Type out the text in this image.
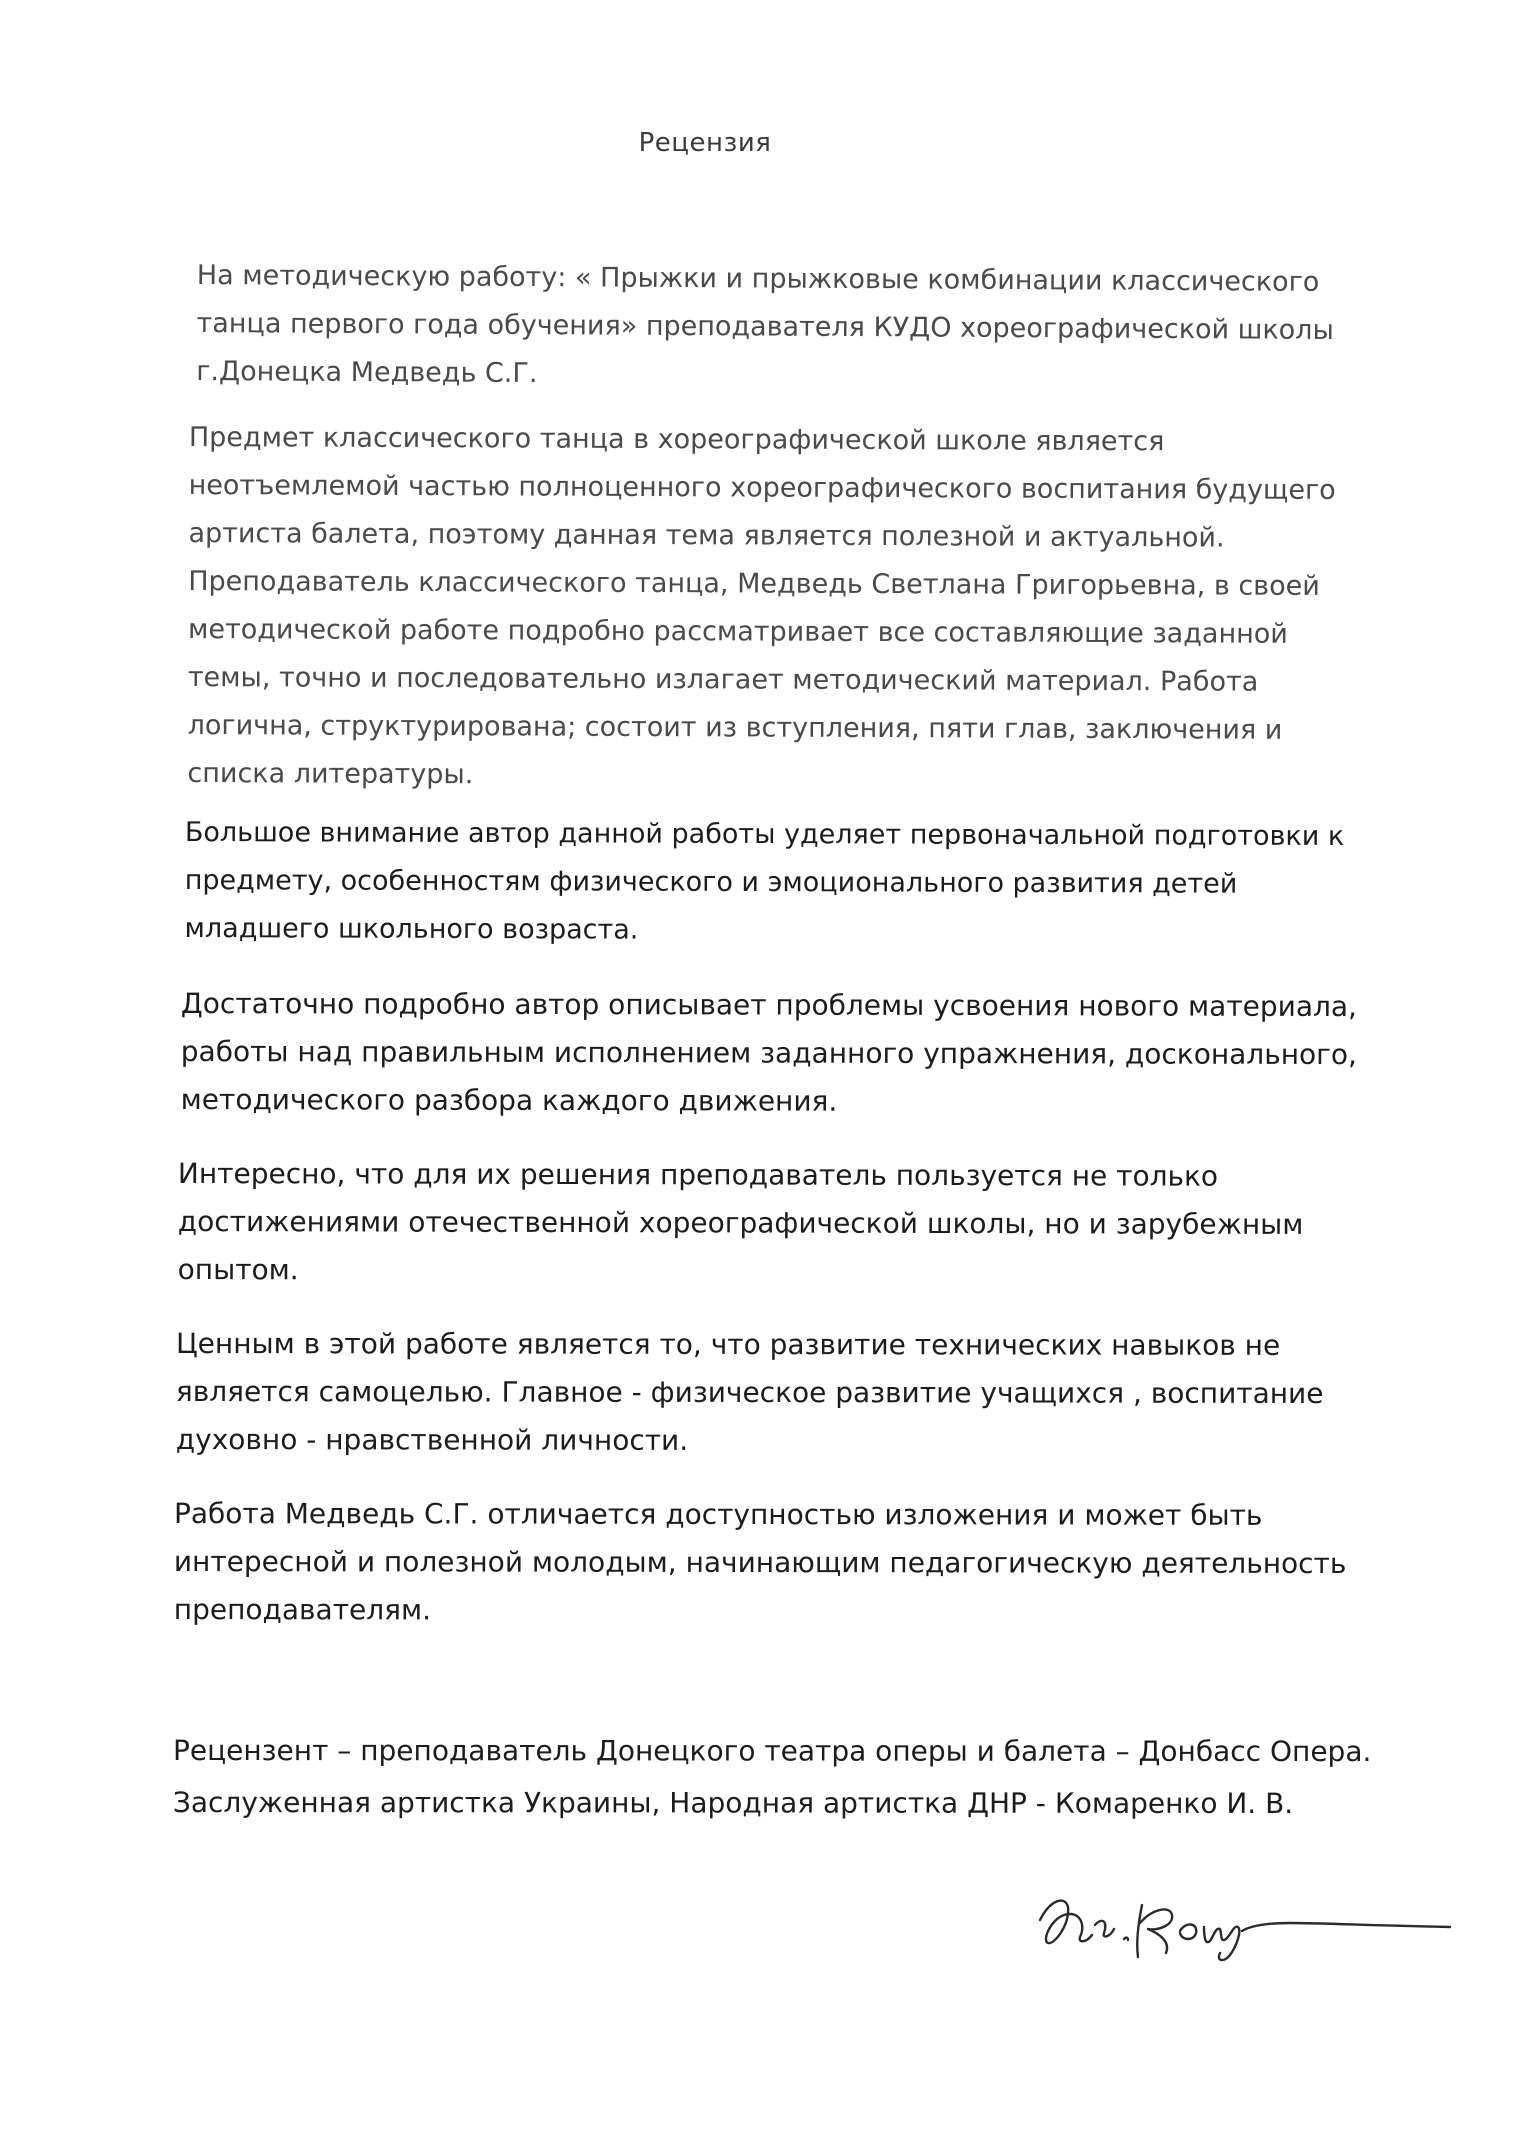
Рецензия

На методическую работу: « Прыжки и прыжковые комбинации классического
танца первого года обучения» преподавателя КУДО хореографической школы
г.Донецка Медведь С.Г.

Предмет классического танца в хореографической школе является
неотъемлемой частью полноценного хореографического воспитания будущего
артиста балета, поэтому данная тема является полезной и актуальной.
Преподаватель классического танца, Медведь Светлана Григорьевна, в своей
методической работе подробно рассматривает все составляющие заданной
темы, точно и последовательно излагает методический материал. Работа
логична, структурирована; состоит из вступления, пяти глав, заключения и
списка литературы.

Большое внимание автор данной работы уделяет первоначальной подготовки к
предмету, особенностям физического и эмоционального развития детей
младшего школьного возраста.

Достаточно подробно автор описывает проблемы усвоения нового материала,
работы над правильным исполнением заданного упражнения, досконального,
методического разбора каждого движения.

Интересно, что для их решения преподаватель пользуется не только
достижениями отечественной хореографической школы, но и зарубежным
опытом.

Ценным в этой работе является то, что развитие технических навыков не
является самоцелью. Главное - физическое развитие учащихся , воспитание
духовно - нравственной личности.

Работа Медведь С.Г. отличается доступностью изложения и может быть
интересной и полезной молодым, начинающим педагогическую деятельность
преподавателям.

Рецензент – преподаватель Донецкого театра оперы и балета – Донбасс Опера.
Заслуженная артистка Украины, Народная артистка ДНР - Комаренко И. В.
